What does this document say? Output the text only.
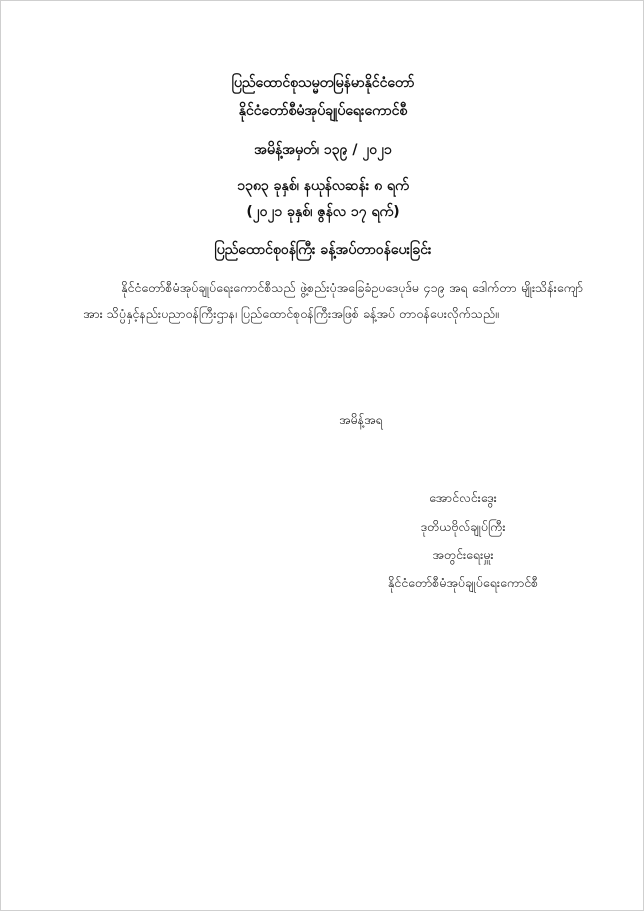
ပြည်ထောင်စုသမ္မတမြန်မာနိုင်ငံတော်
နိုင်ငံတော်စီမံအုပ်ချုပ်ရေးကောင်စီ
အမိန့်အမှတ်၊ ၁၃၉ / ၂၀၂၁
၁၃၈၃ ခုနှစ်၊ နယုန်လဆန်း ၈ ရက်
(၂၀၂၁ ခုနှစ်၊ ဇွန်လ ၁၇ ရက်)
ပြည်ထောင်စုဝန်ကြီး ခန့်အပ်တာဝန်ပေးခြင်း
နိုင်ငံတော်စီမံအုပ်ချုပ်ရေးကောင်စီသည် ဖွဲ့စည်းပုံအခြေခံဥပဒေပုဒ်မ ၄၁၉ အရ ဒေါက်တာ မျိုးသိန်းကျော်အား သိပ္ပံနှင့်နည်းပညာဝန်ကြီးဌာန၊ ပြည်ထောင်စုဝန်ကြီးအဖြစ် ခန့်အပ် တာဝန်ပေးလိုက်သည်။
အမိန့်အရ
အောင်လင်းဒွေး
ဒုတိယဗိုလ်ချုပ်ကြီး
အတွင်းရေးမှူး
နိုင်ငံတော်စီမံအုပ်ချုပ်ရေးကောင်စီ
